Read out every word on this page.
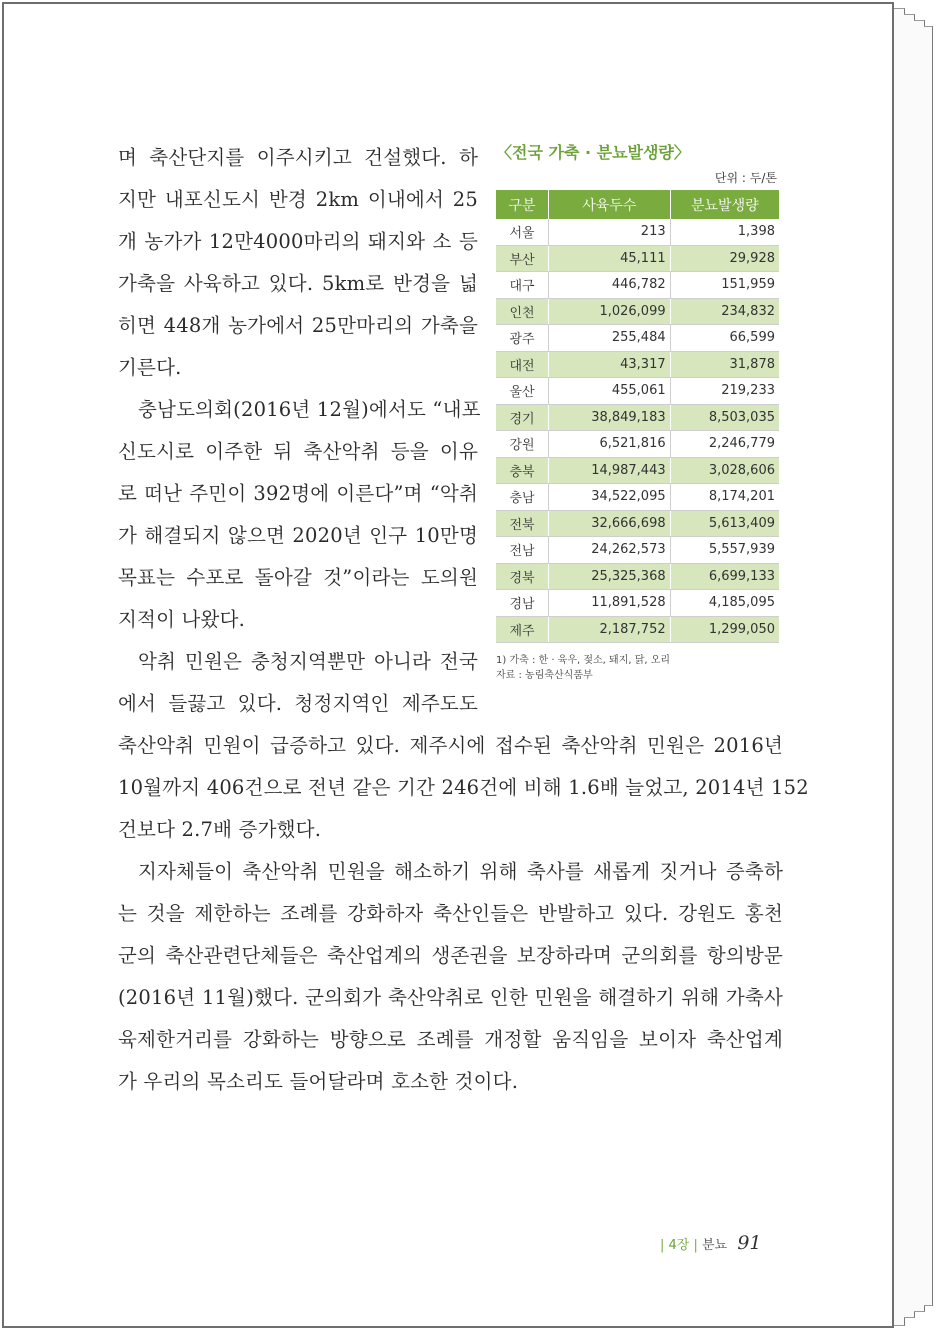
며 축산단지를 이주시키고 건설했다. 하
지만 내포신도시 반경 2km 이내에서 25
개 농가가 12만4000마리의 돼지와 소 등
가축을 사육하고 있다. 5km로 반경을 넓
히면 448개 농가에서 25만마리의 가축을
기른다.

충남도의회(2016년 12월)에서도 “내포
신도시로 이주한 뒤 축산악취 등을 이유
로 떠난 주민이 392명에 이른다”며 “악취
가 해결되지 않으면 2020년 인구 10만명
목표는 수포로 돌아갈 것”이라는 도의원
지적이 나왔다.

악취 민원은 충청지역뿐만 아니라 전국
에서 들끓고 있다. 청정지역인 제주도도

축산악취 민원이 급증하고 있다. 제주시에 접수된 축산악취 민원은 2016년
10월까지 406건으로 전년 같은 기간 246건에 비해 1.6배 늘었고, 2014년 152
건보다 2.7배 증가했다.

지자체들이 축산악취 민원을 해소하기 위해 축사를 새롭게 짓거나 증축하
는 것을 제한하는 조례를 강화하자 축산인들은 반발하고 있다. 강원도 홍천
군의 축산관련단체들은 축산업계의 생존권을 보장하라며 군의회를 항의방문
(2016년 11월)했다. 군의회가 축산악취로 인한 민원을 해결하기 위해 가축사
육제한거리를 강화하는 방향으로 조례를 개정할 움직임을 보이자 축산업계
가 우리의 목소리도 들어달라며 호소한 것이다.

〈전국 가축 · 분뇨발생량〉

단위 : 두/톤
구분	사육두수	분뇨발생량
서울	213	1,398
부산	45,111	29,928
대구	446,782	151,959
인천	1,026,099	234,832
광주	255,484	66,599
대전	43,317	31,878
울산	455,061	219,233
경기	38,849,183	8,503,035
강원	6,521,816	2,246,779
충북	14,987,443	3,028,606
충남	34,522,095	8,174,201
전북	32,666,698	5,613,409
전남	24,262,573	5,557,939
경북	25,325,368	6,699,133
경남	11,891,528	4,185,095
제주	2,187,752	1,299,050
1) 가축 : 한 · 육우, 젖소, 돼지, 닭, 오리
자료 : 농림축산식품부
| 4장 | 분뇨 91
